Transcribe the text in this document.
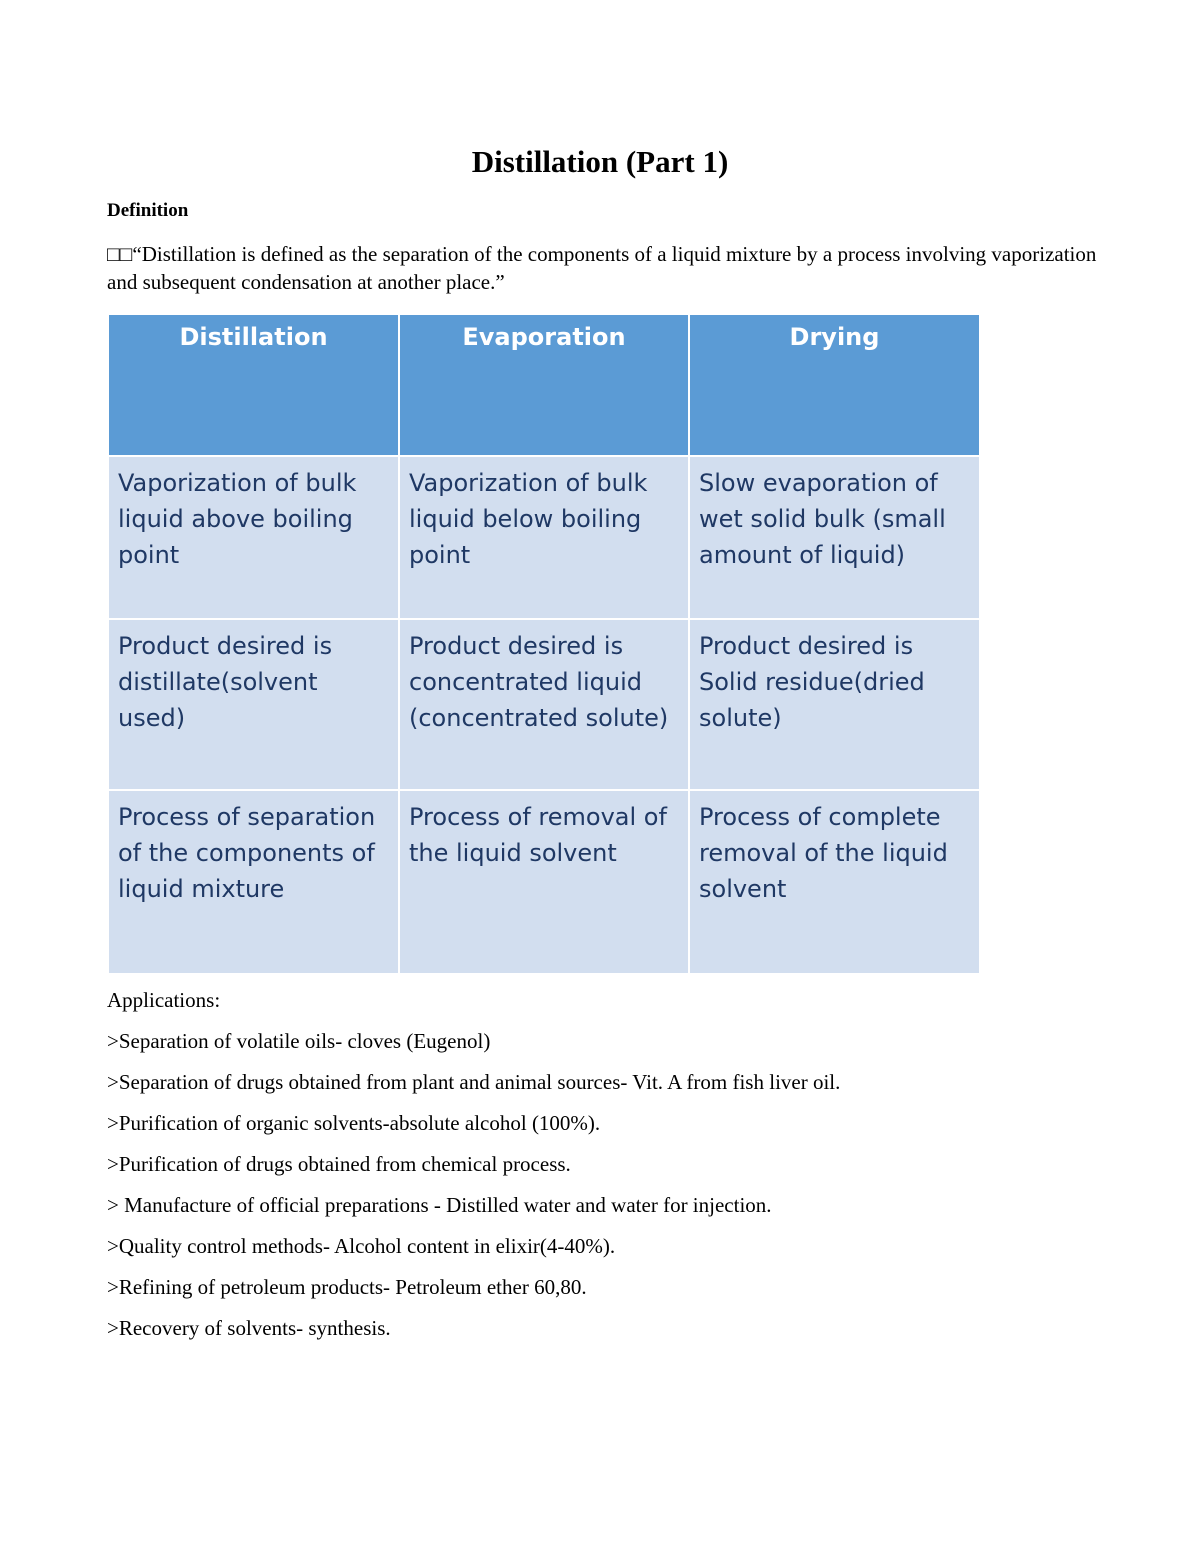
Distillation (Part 1)
Definition

□□“Distillation is defined as the separation of the components of a liquid mixture by a process involving vaporization and subsequent condensation at another place.”

Distillation	Evaporation	Drying

Vaporization of bulk liquid above boiling point	Vaporization of bulk liquid below boiling point	Slow evaporation of wet solid bulk (small amount of liquid)

Product desired is distillate(solvent used)	Product desired is concentrated liquid (concentrated solute)	Product desired is Solid residue(dried solute)

Process of separation of the components of liquid mixture	Process of removal of the liquid solvent	Process of complete removal of the liquid solvent

Applications:

>Separation of volatile oils- cloves (Eugenol)
>Separation of drugs obtained from plant and animal sources- Vit. A from fish liver oil.
>Purification of organic solvents-absolute alcohol (100%).
>Purification of drugs obtained from chemical process.
> Manufacture of official preparations - Distilled water and water for injection.
>Quality control methods- Alcohol content in elixir(4-40%).
>Refining of petroleum products- Petroleum ether 60,80.
>Recovery of solvents- synthesis.
